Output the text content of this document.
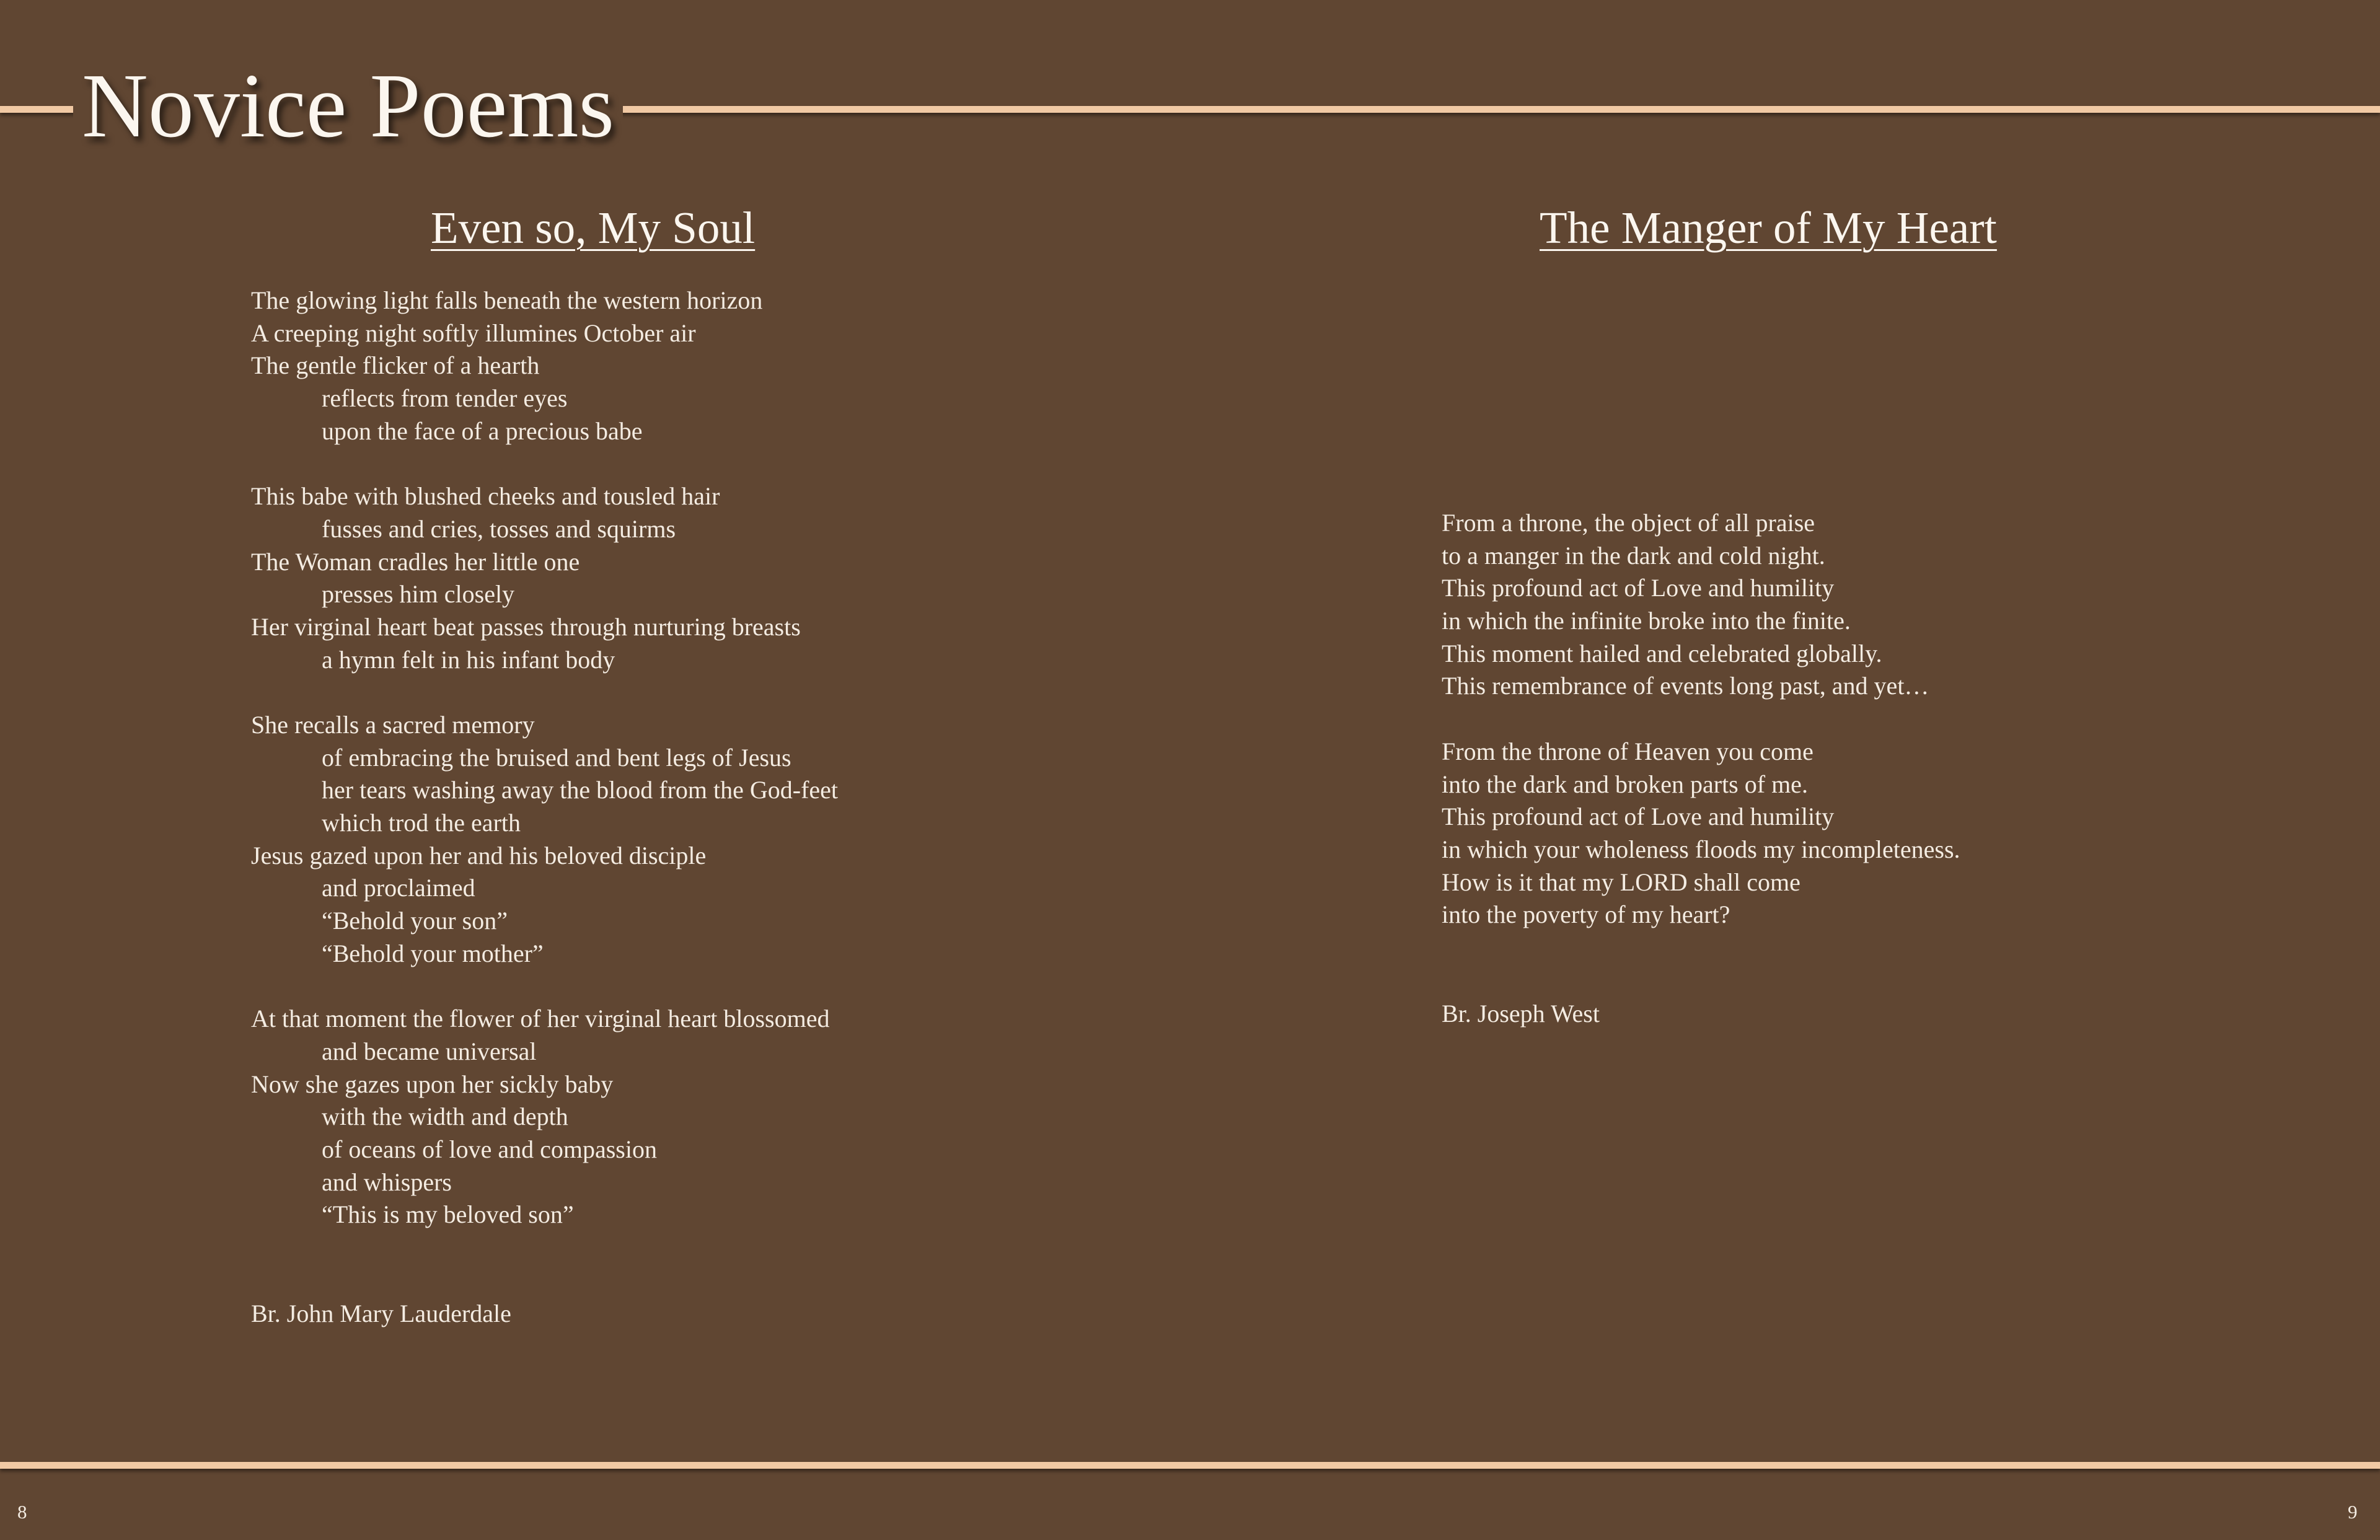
Novice Poems
Even so, My Soul
The glowing light falls beneath the western horizon
A creeping night softly illumines October air
The gentle flicker of a hearth
reflects from tender eyes
upon the face of a precious babe
This babe with blushed cheeks and tousled hair
fusses and cries, tosses and squirms
The Woman cradles her little one
presses him closely
Her virginal heart beat passes through nurturing breasts
a hymn felt in his infant body
She recalls a sacred memory
of embracing the bruised and bent legs of Jesus
her tears washing away the blood from the God-feet
which trod the earth
Jesus gazed upon her and his beloved disciple
and proclaimed
“Behold your son”
“Behold your mother”
At that moment the flower of her virginal heart blossomed
and became universal
Now she gazes upon her sickly baby
with the width and depth
of oceans of love and compassion
and whispers
“This is my beloved son”
Br. John Mary Lauderdale
The Manger of My Heart
From a throne, the object of all praise
to a manger in the dark and cold night.
This profound act of Love and humility
in which the infinite broke into the finite.
This moment hailed and celebrated globally.
This remembrance of events long past, and yet…
From the throne of Heaven you come
into the dark and broken parts of me.
This profound act of Love and humility
in which your wholeness floods my incompleteness.
How is it that my LORD shall come
into the poverty of my heart?
Br. Joseph West
8	9
